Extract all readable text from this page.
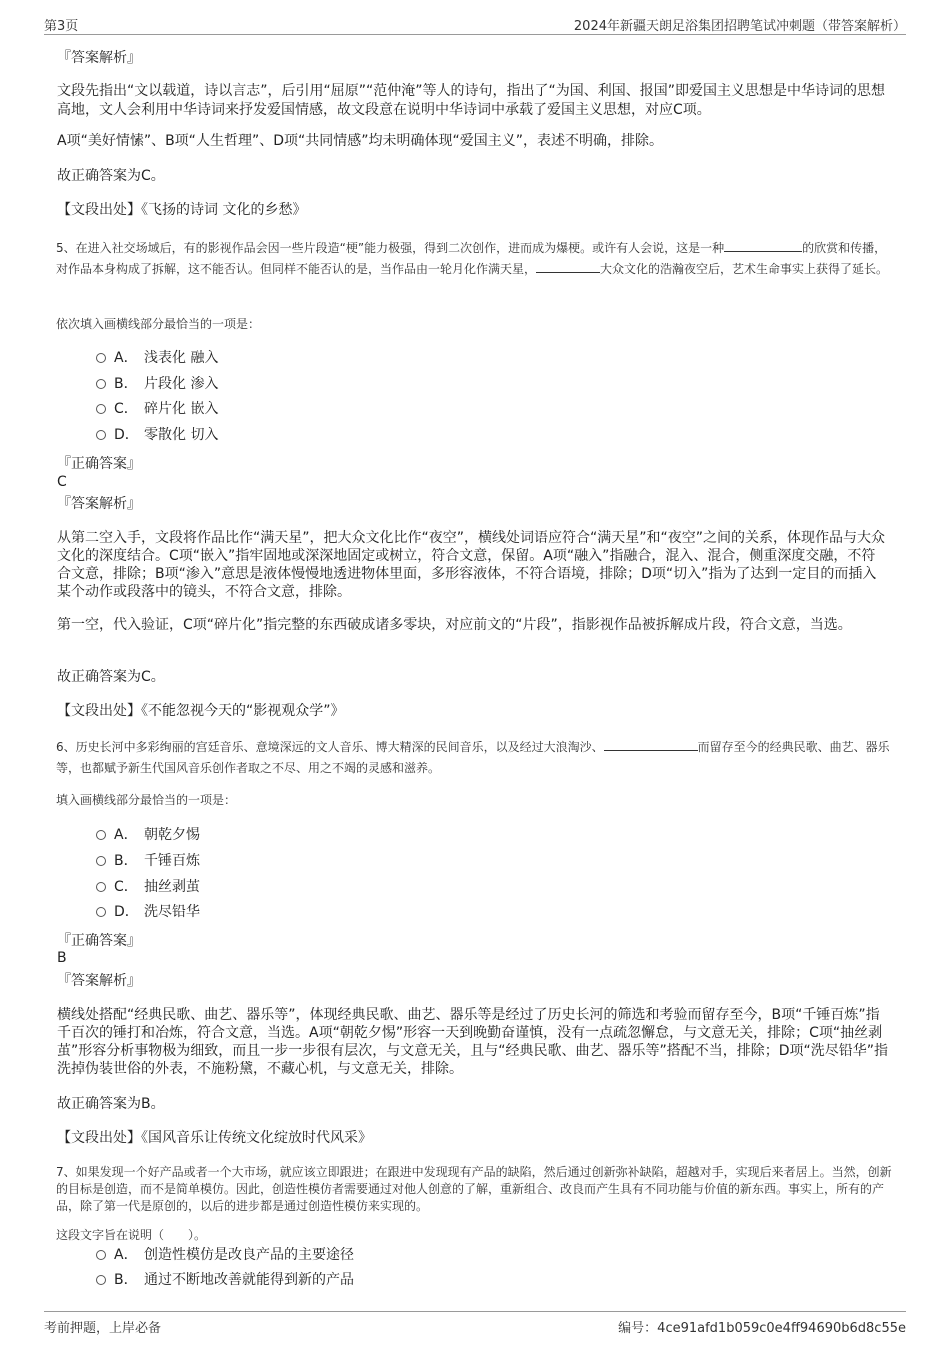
第3页	2024年新疆天朗足浴集团招聘笔试冲刺题（带答案解析）
『答案解析』

文段先指出“文以载道，诗以言志”，后引用“屈原”“范仲淹”等人的诗句，指出了“为国、利国、报国”即爱国主义思想是中华诗词的思想高地，文人会利用中华诗词来抒发爱国情感，故文段意在说明中华诗词中承载了爱国主义思想，对应C项。

A项“美好情愫”、B项“人生哲理”、D项“共同情感”均未明确体现“爱国主义”，表述不明确，排除。

故正确答案为C。

【文段出处】《飞扬的诗词 文化的乡愁》

5、在进入社交场域后，有的影视作品会因一些片段造“梗”能力极强，得到二次创作，进而成为爆梗。或许有人会说，这是一种	的欣赏和传播，对作品本身构成了拆解，这不能否认。但同样不能否认的是，当作品由一轮月化作满天星，	大众文化的浩瀚夜空后，艺术生命事实上获得了延长。

依次填入画横线部分最恰当的一项是：
A． 浅表化 融入
B． 片段化 渗入
C． 碎片化 嵌入
D． 零散化 切入
『正确答案』
C
『答案解析』

从第二空入手，文段将作品比作“满天星”，把大众文化比作“夜空”，横线处词语应符合“满天星”和“夜空”之间的关系，体现作品与大众文化的深度结合。C项“嵌入”指牢固地或深深地固定或树立，符合文意，保留。A项“融入”指融合，混入、混合，侧重深度交融，不符合文意，排除；B项“渗入”意思是液体慢慢地透进物体里面，多形容液体，不符合语境，排除；D项“切入”指为了达到一定目的而插入某个动作或段落中的镜头，不符合文意，排除。

第一空，代入验证，C项“碎片化”指完整的东西破成诸多零块，对应前文的“片段”，指影视作品被拆解成片段，符合文意，当选。

故正确答案为C。

【文段出处】《不能忽视今天的“影视观众学”》

6、历史长河中多彩绚丽的宫廷音乐、意境深远的文人音乐、博大精深的民间音乐，以及经过大浪淘沙、	而留存至今的经典民歌、曲艺、器乐等，也都赋予新生代国风音乐创作者取之不尽、用之不竭的灵感和滋养。

填入画横线部分最恰当的一项是：
A． 朝乾夕惕
B． 千锤百炼
C． 抽丝剥茧
D． 洗尽铅华
『正确答案』
B
『答案解析』

横线处搭配“经典民歌、曲艺、器乐等”，体现经典民歌、曲艺、器乐等是经过了历史长河的筛选和考验而留存至今，B项“千锤百炼”指千百次的锤打和冶炼，符合文意，当选。A项“朝乾夕惕”形容一天到晚勤奋谨慎，没有一点疏忽懈怠，与文意无关，排除；C项“抽丝剥茧”形容分析事物极为细致，而且一步一步很有层次，与文意无关，且与“经典民歌、曲艺、器乐等”搭配不当，排除；D项“洗尽铅华”指洗掉伪装世俗的外表，不施粉黛，不藏心机，与文意无关，排除。

故正确答案为B。

【文段出处】《国风音乐让传统文化绽放时代风采》

7、如果发现一个好产品或者一个大市场，就应该立即跟进；在跟进中发现现有产品的缺陷，然后通过创新弥补缺陷，超越对手，实现后来者居上。当然，创新的目标是创造，而不是简单模仿。因此，创造性模仿者需要通过对他人创意的了解，重新组合、改良而产生具有不同功能与价值的新东西。事实上，所有的产品，除了第一代是原创的，以后的进步都是通过创造性模仿来实现的。

这段文字旨在说明（　　）。
A． 创造性模仿是改良产品的主要途径
B． 通过不断地改善就能得到新的产品
考前押题，上岸必备	编号：4ce91afd1b059c0e4ff94690b6d8c55e
